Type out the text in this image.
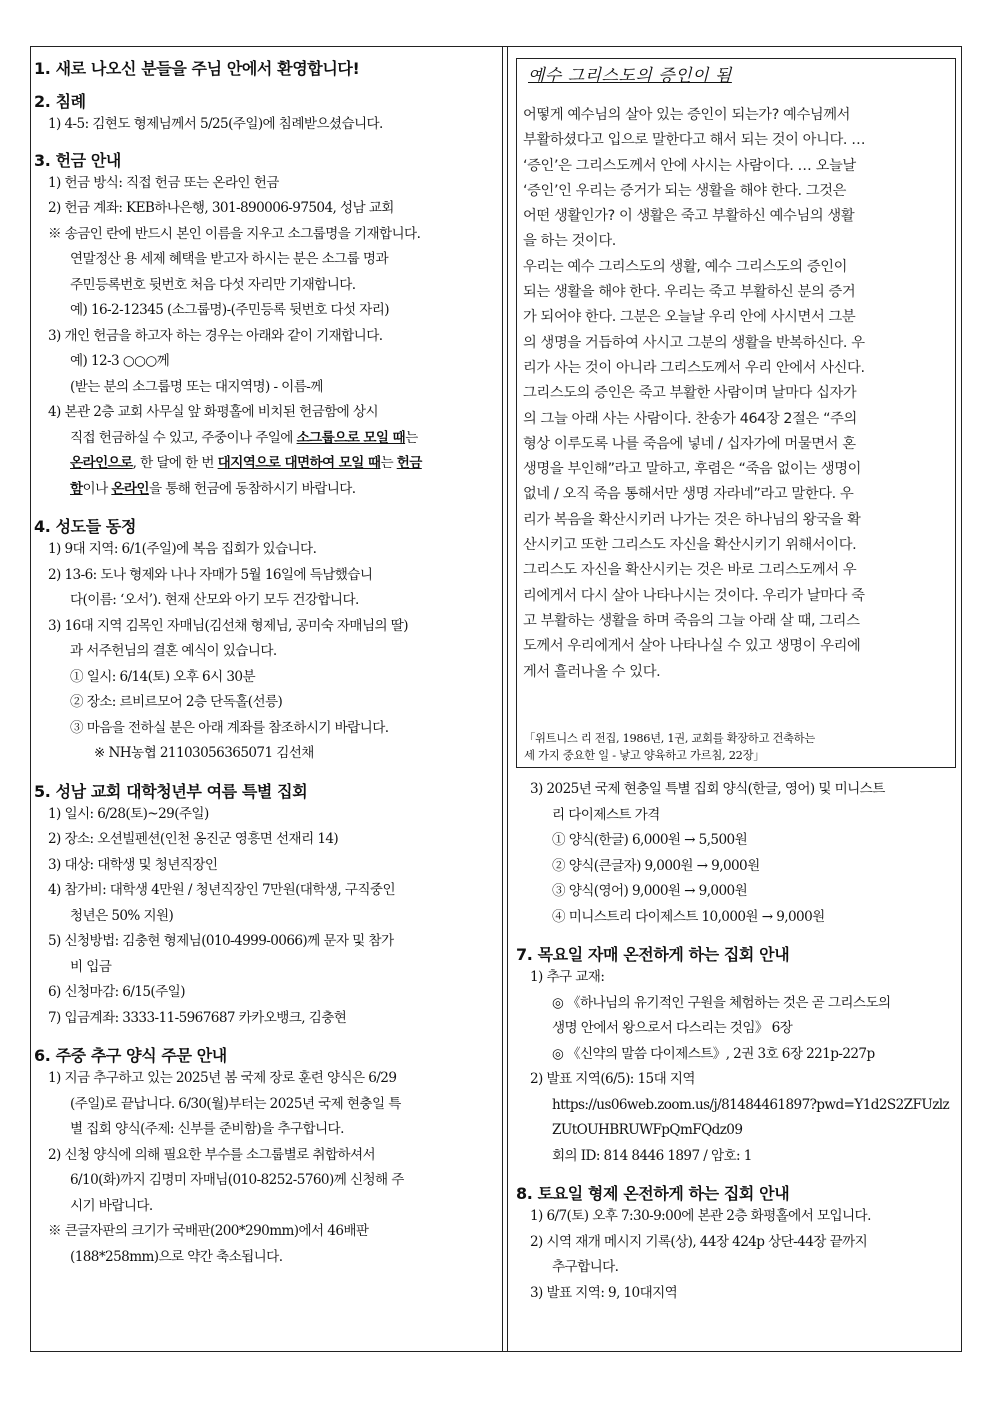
1. 새로 나오신 분들을 주님 안에서 환영합니다!

2. 침례

1) 4-5: 김현도 형제님께서 5/25(주일)에 침례받으셨습니다.

3. 헌금 안내

1) 헌금 방식: 직접 헌금 또는 온라인 헌금
2) 헌금 계좌: KEB하나은행, 301-890006-97504, 성남 교회
※ 송금인 란에 반드시 본인 이름을 지우고 소그룹명을 기재합니다.
연말정산 용 세제 혜택을 받고자 하시는 분은 소그룹 명과
주민등록번호 뒷번호 처음 다섯 자리만 기재합니다.
예) 16-2-12345 (소그룹명)-(주민등록 뒷번호 다섯 자리)
3) 개인 헌금을 하고자 하는 경우는 아래와 같이 기재합니다.
예) 12-3 ○○○께
(받는 분의 소그룹명 또는 대지역명) - 이름-께
4) 본관 2층 교회 사무실 앞 화평홀에 비치된 헌금함에 상시
직접 헌금하실 수 있고, 주중이나 주일에 소그룹으로 모일 때는
온라인으로, 한 달에 한 번 대지역으로 대면하여 모일 때는 헌금
함이나 온라인을 통해 헌금에 동참하시기 바랍니다.

4. 성도들 동정

1) 9대 지역: 6/1(주일)에 복음 집회가 있습니다.
2) 13-6: 도나 형제와 나나 자매가 5월 16일에 득남했습니
다(이름: ‘오서’). 현재 산모와 아기 모두 건강합니다.
3) 16대 지역 김목인 자매님(김선채 형제님, 공미숙 자매님의 딸)
과 서주헌님의 결혼 예식이 있습니다.
① 일시: 6/14(토) 오후 6시 30분
② 장소: 르비르모어 2층 단독홀(선릉)
③ 마음을 전하실 분은 아래 계좌를 참조하시기 바랍니다.
※ NH농협 21103056365071 김선채

5. 성남 교회 대학청년부 여름 특별 집회

1) 일시: 6/28(토)~29(주일)
2) 장소: 오션빌펜션(인천 옹진군 영흥면 선재리 14)
3) 대상: 대학생 및 청년직장인
4) 참가비: 대학생 4만원 / 청년직장인 7만원(대학생, 구직중인
청년은 50% 지원)
5) 신청방법: 김충현 형제님(010-4999-0066)께 문자 및 참가
비 입금
6) 신청마감: 6/15(주일)
7) 입금계좌: 3333-11-5967687 카카오뱅크, 김충현

6. 주중 추구 양식 주문 안내

1) 지금 추구하고 있는 2025년 봄 국제 장로 훈련 양식은 6/29
(주일)로 끝납니다. 6/30(월)부터는 2025년 국제 현충일 특
별 집회 양식(주제: 신부를 준비함)을 추구합니다.
2) 신청 양식에 의해 필요한 부수를 소그룹별로 취합하셔서
6/10(화)까지 김명미 자매님(010-8252-5760)께 신청해 주
시기 바랍니다.
※ 큰글자판의 크기가 국배판(200*290mm)에서 46배판
(188*258mm)으로 약간 축소됩니다.
예수 그리스도의 증인이 됨
어떻게 예수님의 살아 있는 증인이 되는가? 예수님께서
부활하셨다고 입으로 말한다고 해서 되는 것이 아니다. …
‘증인’은 그리스도께서 안에 사시는 사람이다. … 오늘날
‘증인’인 우리는 증거가 되는 생활을 해야 한다. 그것은
어떤 생활인가? 이 생활은 죽고 부활하신 예수님의 생활
을 하는 것이다.
우리는 예수 그리스도의 생활, 예수 그리스도의 증인이
되는 생활을 해야 한다. 우리는 죽고 부활하신 분의 증거
가 되어야 한다. 그분은 오늘날 우리 안에 사시면서 그분
의 생명을 거듭하여 사시고 그분의 생활을 반복하신다. 우
리가 사는 것이 아니라 그리스도께서 우리 안에서 사신다.
그리스도의 증인은 죽고 부활한 사람이며 날마다 십자가
의 그늘 아래 사는 사람이다. 찬송가 464장 2절은 “주의
형상 이루도록 나를 죽음에 넣네 / 십자가에 머물면서 혼
생명을 부인해”라고 말하고, 후렴은 “죽음 없이는 생명이
없네 / 오직 죽음 통해서만 생명 자라네”라고 말한다. 우
리가 복음을 확산시키러 나가는 것은 하나님의 왕국을 확
산시키고 또한 그리스도 자신을 확산시키기 위해서이다.
그리스도 자신을 확산시키는 것은 바로 그리스도께서 우
리에게서 다시 살아 나타나시는 것이다. 우리가 날마다 죽
고 부활하는 생활을 하며 죽음의 그늘 아래 살 때, 그리스
도께서 우리에게서 살아 나타나실 수 있고 생명이 우리에
게서 흘러나올 수 있다.
「위트니스 리 전집, 1986년, 1권, 교회를 확장하고 건축하는
세 가지 중요한 일 - 낳고 양육하고 가르침, 22장」
3) 2025년 국제 현충일 특별 집회 양식(한글, 영어) 및 미니스트
리 다이제스트 가격
① 양식(한글) 6,000원 → 5,500원
② 양식(큰글자) 9,000원 → 9,000원
③ 양식(영어) 9,000원 → 9,000원
④ 미니스트리 다이제스트 10,000원 → 9,000원

7. 목요일 자매 온전하게 하는 집회 안내

1) 추구 교재:
◎ 《하나님의 유기적인 구원을 체험하는 것은 곧 그리스도의
생명 안에서 왕으로서 다스리는 것임》 6장
◎ 《신약의 말씀 다이제스트》, 2권 3호 6장 221p-227p
2) 발표 지역(6/5): 15대 지역
https://us06web.zoom.us/j/81484461897?pwd=Y1d2S2ZFUzlz
ZUtOUHBRUWFpQmFQdz09
회의 ID: 814 8446 1897 / 암호: 1

8. 토요일 형제 온전하게 하는 집회 안내

1) 6/7(토) 오후 7:30-9:00에 본관 2층 화평홀에서 모입니다.
2) 시역 재개 메시지 기록(상), 44장 424p 상단-44장 끝까지
추구합니다.
3) 발표 지역: 9, 10대지역
